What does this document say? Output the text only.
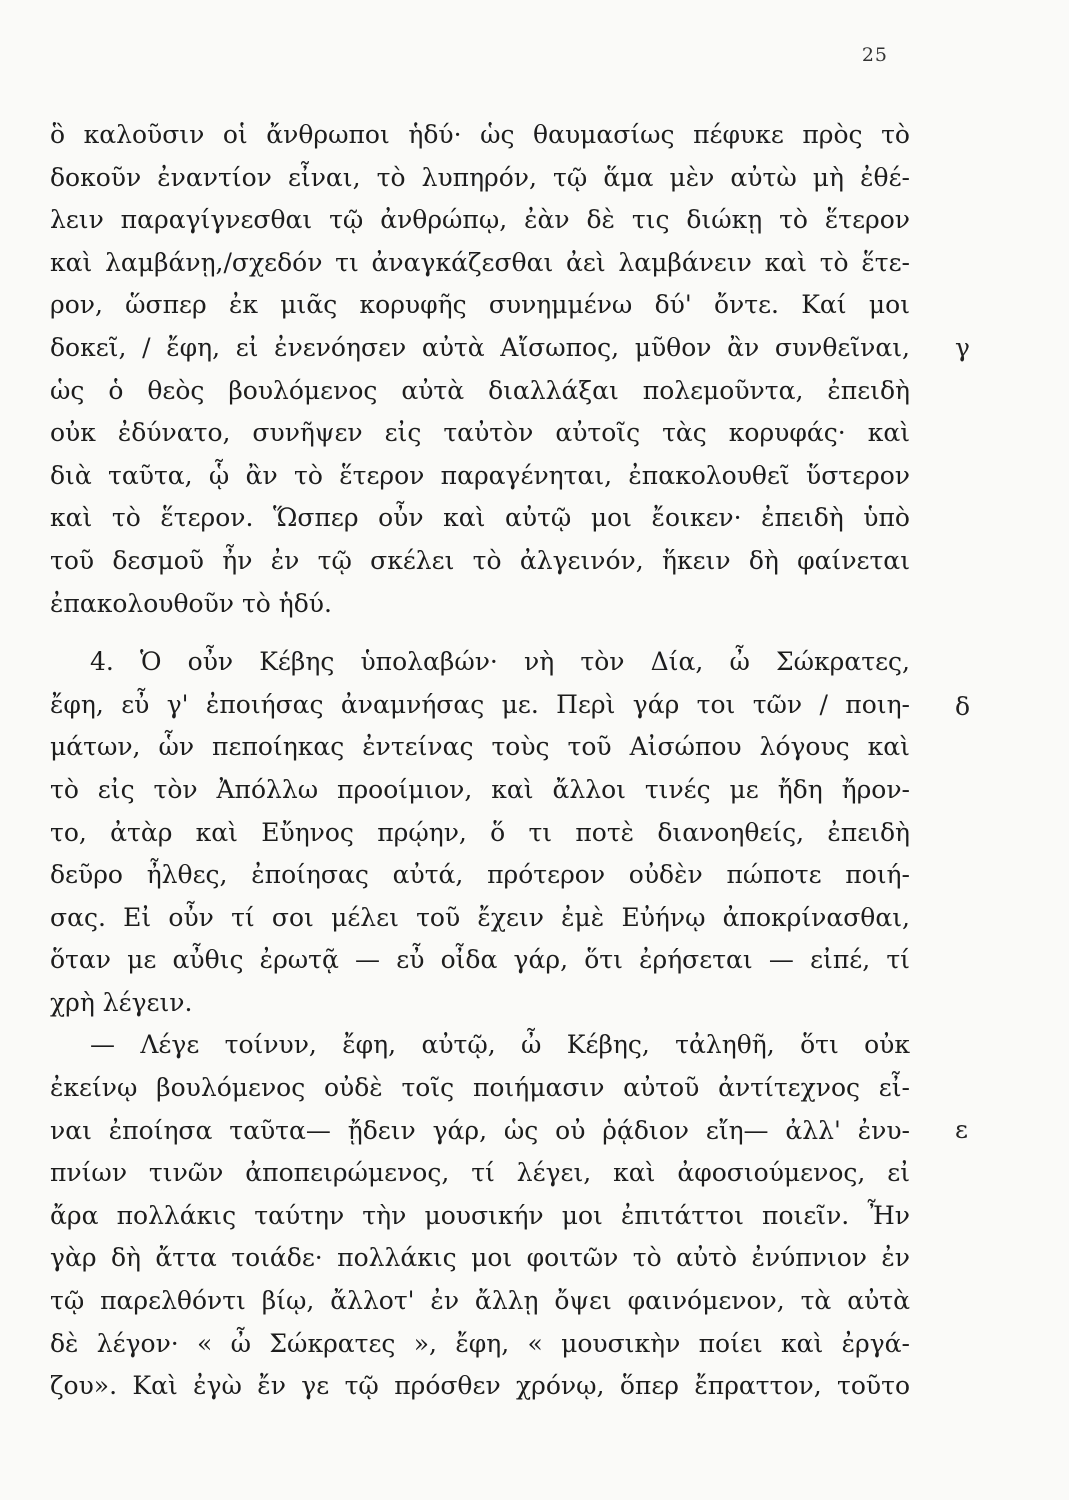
25
ὃ καλοῦσιν οἱ ἄνθρωποι ἡδύ· ὡς θαυμασίως πέφυκε πρὸς τὸ
δοκοῦν ἐναντίον εἶναι, τὸ λυπηρόν, τῷ ἅμα μὲν αὐτὼ μὴ ἐθέ-
λειν παραγίγνεσθαι τῷ ἀνθρώπῳ, ἐὰν δὲ τις διώκῃ τὸ ἕτερον
καὶ λαμβάνῃ,/σχεδόν τι ἀναγκάζεσθαι ἀεὶ λαμβάνειν καὶ τὸ ἕτε-
ρον, ὥσπερ ἐκ μιᾶς κορυφῆς συνημμένω δύ' ὄντε. Καί μοι
δοκεῖ, / ἔφη, εἰ ἐνενόησεν αὐτὰ Αἴσωπος, μῦθον ἂν συνθεῖναι,
ὡς ὁ θεὸς βουλόμενος αὐτὰ διαλλάξαι πολεμοῦντα, ἐπειδὴ
οὐκ ἐδύνατο, συνῆψεν εἰς ταὐτὸν αὐτοῖς τὰς κορυφάς· καὶ
διὰ ταῦτα, ᾧ ἂν τὸ ἕτερον παραγένηται, ἐπακολουθεῖ ὕστερον
καὶ τὸ ἕτερον. Ὥσπερ οὖν καὶ αὐτῷ μοι ἔοικεν· ἐπειδὴ ὑπὸ
τοῦ δεσμοῦ ἦν ἐν τῷ σκέλει τὸ ἀλγεινόν, ἥκειν δὴ φαίνεται
ἐπακολουθοῦν τὸ ἡδύ.
4. Ὁ οὖν Κέβης ὑπολαβών· νὴ τὸν Δία, ὦ Σώκρατες,
ἔφη, εὖ γ' ἐποιήσας ἀναμνήσας με. Περὶ γάρ τοι τῶν / ποιη-
μάτων, ὧν πεποίηκας ἐντείνας τοὺς τοῦ Αἰσώπου λόγους καὶ
τὸ εἰς τὸν Ἀπόλλω προοίμιον, καὶ ἄλλοι τινές με ἤδη ἤρον-
το, ἀτὰρ καὶ Εὔηνος πρῴην, ὅ τι ποτὲ διανοηθείς, ἐπειδὴ
δεῦρο ἦλθες, ἐποίησας αὐτά, πρότερον οὐδὲν πώποτε ποιή-
σας. Εἰ οὖν τί σοι μέλει τοῦ ἔχειν ἐμὲ Εὐήνῳ ἀποκρίνασθαι,
ὅταν με αὖθις ἐρωτᾷ — εὖ οἶδα γάρ, ὅτι ἐρήσεται — εἰπέ, τί
χρὴ λέγειν.
— Λέγε τοίνυν, ἔφη, αὐτῷ, ὦ Κέβης, τἀληθῆ, ὅτι οὐκ
ἐκείνῳ βουλόμενος οὐδὲ τοῖς ποιήμασιν αὐτοῦ ἀντίτεχνος εἶ-
ναι ἐποίησα ταῦτα— ᾔδειν γάρ, ὡς οὐ ῥᾴδιον εἴη— ἀλλ' ἐνυ-
πνίων τινῶν ἀποπειρώμενος, τί λέγει, καὶ ἀφοσιούμενος, εἰ
ἄρα πολλάκις ταύτην τὴν μουσικήν μοι ἐπιτάττοι ποιεῖν. Ἦν
γὰρ δὴ ἄττα τοιάδε· πολλάκις μοι φοιτῶν τὸ αὐτὸ ἐνύπνιον ἐν
τῷ παρελθόντι βίῳ, ἄλλοτ' ἐν ἄλλῃ ὄψει φαινόμενον, τὰ αὐτὰ
δὲ λέγον· « ὦ Σώκρατες », ἔφη, « μουσικὴν ποίει καὶ ἐργά-
ζου». Καὶ ἐγὼ ἔν γε τῷ πρόσθεν χρόνῳ, ὅπερ ἔπραττον, τοῦτο
γ
δ
ε
